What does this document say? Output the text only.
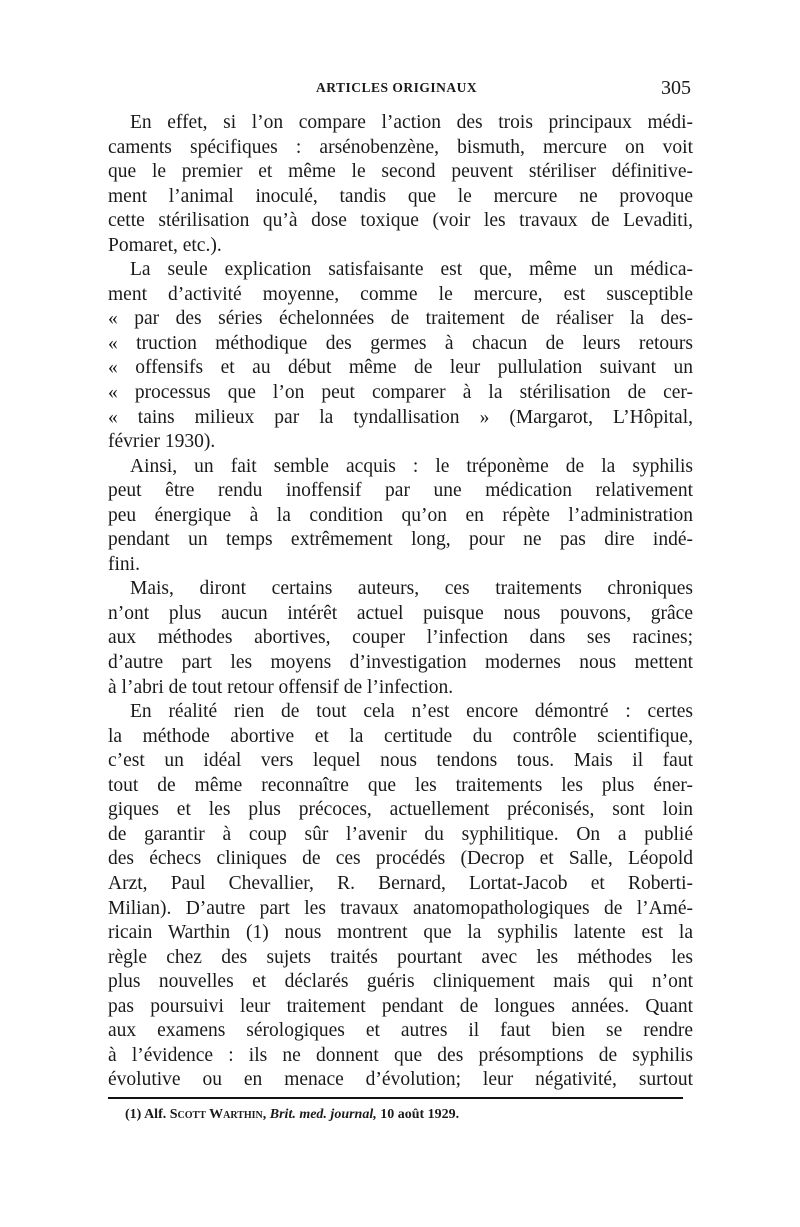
ARTICLES ORIGINAUX	305
En effet, si l’on compare l’action des trois principaux médi-
caments spécifiques : arsénobenzène, bismuth, mercure on voit
que le premier et même le second peuvent stériliser définitive-
ment l’animal inoculé, tandis que le mercure ne provoque
cette stérilisation qu’à dose toxique (voir les travaux de Levaditi,
Pomaret, etc.).
La seule explication satisfaisante est que, même un médica-
ment d’activité moyenne, comme le mercure, est susceptible
« par des séries échelonnées de traitement de réaliser la des-
« truction méthodique des germes à chacun de leurs retours
« offensifs et au début même de leur pullulation suivant un
« processus que l’on peut comparer à la stérilisation de cer-
« tains milieux par la tyndallisation » (Margarot, L’Hôpital,
février 1930).
Ainsi, un fait semble acquis : le tréponème de la syphilis
peut être rendu inoffensif par une médication relativement
peu énergique à la condition qu’on en répète l’administration
pendant un temps extrêmement long, pour ne pas dire indé-
fini.
Mais, diront certains auteurs, ces traitements chroniques
n’ont plus aucun intérêt actuel puisque nous pouvons, grâce
aux méthodes abortives, couper l’infection dans ses racines;
d’autre part les moyens d’investigation modernes nous mettent
à l’abri de tout retour offensif de l’infection.
En réalité rien de tout cela n’est encore démontré : certes
la méthode abortive et la certitude du contrôle scientifique,
c’est un idéal vers lequel nous tendons tous. Mais il faut
tout de même reconnaître que les traitements les plus éner-
giques et les plus précoces, actuellement préconisés, sont loin
de garantir à coup sûr l’avenir du syphilitique. On a publié
des échecs cliniques de ces procédés (Decrop et Salle, Léopold
Arzt, Paul Chevallier, R. Bernard, Lortat-Jacob et Roberti-
Milian). D’autre part les travaux anatomopathologiques de l’Amé-
ricain Warthin (1) nous montrent que la syphilis latente est la
règle chez des sujets traités pourtant avec les méthodes les
plus nouvelles et déclarés guéris cliniquement mais qui n’ont
pas poursuivi leur traitement pendant de longues années. Quant
aux examens sérologiques et autres il faut bien se rendre
à l’évidence : ils ne donnent que des présomptions de syphilis
évolutive ou en menace d’évolution; leur négativité, surtout
(1) Alf. Scott Warthin, Brit. med. journal, 10 août 1929.
